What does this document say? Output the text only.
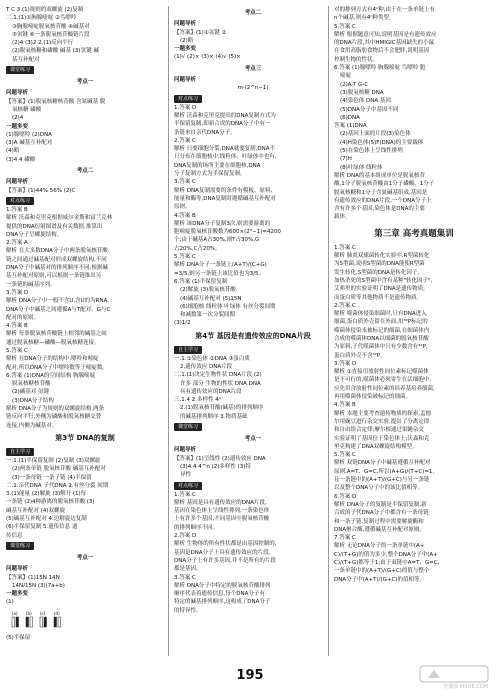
T C 3.(1)规则的双螺旋 (2)复制
二.1.(1)①胸腺嘧啶 ②鸟嘌呤
③胸腺嘧啶脱氧核苷酸 ④碱基对
⑤氢键 ⑥一条脱氧核苷酸链片段
(2)4 (3)2 2.(1)反向平行
(2)脱氧核糖和磷酸 碱基 (3)氢键 碱
基互补配对
课堂练习
考点一
问题导析
【答案】(1)脱氧核糖核苷酸 含氮碱基 脱
氧核糖 磷酸
(2)4
一题多变
(1)腺嘌呤 (2)DNA
(3)A 碱基互补配对
(4)略
(3)4 4 磷酸
考点二
问题导析
【答案】(1)44% 56% (2)C
对点练习
1.答案 B
解析 沃森和克里克根据威尔金斯和富兰克林
提供的DNA衍射图谱及有关数据,推算出
DNA分子呈螺旋结构。
2.答案 A
解析 在大多数DNA分子中两条脱氧核苷酸
链之间通过碱基配对形成双螺旋结构,不同
DNA分子中碱基对的排列顺序不同,根据碱
基互补配对原则,可以根据一条链推出另
一条链的碱基序列。
3.答案 D
解析 DNA分子中一般不含U,含U的为RNA,
DNA分子中碱基之间遵循A与T配对、G与C
配对的原则。
4.答案 B
解析 每条脱氧核苷酸链上相邻的碱基之间
通过脱氧核糖—磷酸—脱氧核糖连接。
5.答案 C
解析 在DNA分子的结构中,嘌呤和嘧啶
配对,所以DNA分子中嘌呤数等于嘧啶数。
6.答案 (1)DNA的空间结构 胸腺嘧啶
脱氧核糖核苷酸
(2)碱基对 氢键
(3)DNA分子结构
解析 DNA分子为规则的双螺旋结构,两条
链反向平行,外侧为磷酸和脱氧核糖交替
连接,内侧为碱基对。
第3节 DNA的复制
自主学习
一.1.(1)半保留复制 (2)复制 (3)双螺旋
(2)两条单链 脱氧核苷酸 碱基互补配对
(3)一条母链 一条子链 (4)半保留
二.1.亲代DNA 子代DNA 2.有丝分裂 间期
3.(1)能量 (2)解旋 (3)解开 (1)每
一条链 (2)4种游离的脱氧核苷酸 (3)
碱基互补配对 (4)双螺旋
(5)碱基互补配对 4.边解旋边复制
(6)半保留复制 5.遗传信息 遗
传信息
课堂练习
考点一
问题导析
【答案】(1)15N 14N
14N/15N (3)(7a+b)
一题多变
(1)
(a) (b) (c) (d)
(5)半保留
考点二
问题导析
【答案】(1)①氢键 ②
(2)略
一题多变
(1)√ (2)× (3)× (4)√ (5)×
考点三
问题导析
m·(2^n−1)
对点练习
1.答案 D
解析 沃森和克里克提出的DNA复制方式为
半保留复制,即新合成的DNA分子中有一
条链来自亲代DNA分子。
2.答案 C
解析 只要细胞分裂,DNA就要复制,DNA不
只分布在细胞核中,线粒体、叶绿体中也有,
DNA复制的场所主要在细胞核,DNA
分子复制方式为半保留复制。
3.答案 C
解析 DNA复制需要的条件有模板、原料、
能量和酶等,DNA复制时遵循碱基互补配对
原则。
4.答案 B
解析 该DNA分子复制3次,则需要游离的
胞嘧啶脱氧核苷酸数为600×(2³−1)=4200
个;由于碱基A占30%,则T占30%,G
占20%,C占20%。
5.答案 C
解析 DNA分子一条链上(A+T)/(C+G)
=3/5,则另一条链上该比值也为3/5。
6.答案 (1)半保留复制
(2)解旋 (3)脱氧核苷酸
(4)碱基互补配对 (5)15N
(6)细胞核 线粒体 叶绿体 有丝分裂间期
和减数第一次分裂间期
(3)1/2
第4节 基因是有遗传效应的DNA片段
自主学习
一.1.①染色体 ②DNA ③蛋白质
2.遗传效应 DNA片段
二.1.(1)决定生物性状 DNA片段 (2)
许多 部分 生物的性状 DNA DNA
具有遗传效应的DNA片段
三.1.4 2.多样性 4ⁿ
2.(1)脱氧核苷酸(碱基)的排列顺序
的碱基排列顺序 3.物质基础
课堂练习
考点一
问题导析
【答案】(1)呈线性 (2)遗传效应 DNA
(3)4 4 4^n (2)多样性 (3)特
异性
对点练习
1.答案 C
解析 基因是具有遗传效应的DNA片段,
基因在染色体上呈线性排列,一条染色体
上有许多个基因,不同基因中脱氧核苷酸
的排列顺序不同。
2.答案 D
解析 生物体的所有性状都是由基因控制的,
基因是DNA分子上具有遗传效应的片段,
DNA分子上有许多基因,并不是所有的片段
都是基因。
3.答案 C
解析 DNA分子中特定的脱氧核苷酸排列
顺序代表着遗传信息,每个DNA分子有
特定的碱基排列顺序,这构成了DNA分子
的特异性。
对的排列方式有4ⁿ种,由于在一条单链上有
n个碱基,则有4ⁿ种类型。
5.答案 C
解析 根据题意可知,说明基因是有遗传效应
的DNA片段,其中HMIGIC基因缺失的小鼠
在食用高脂肪食物后不会肥胖,说明基因
控制生物的性状。
6.答案 (1)腺嘌呤 胸腺嘧啶 鸟嘌呤 胞
嘧啶
(2)A-T G-C
(3)脱氧核糖 DNA
(4)染色体 DNA 基因
(5)DNA分子中基因不同
(6)DNA
答案 (1)DNA
(2)基因上面的片段(3)染色体
(4)H染色体(5)F(DNA)的主要载体
(5)在染色体上呈线性排列
(7)H
(8)叶绿体 线粒体
解析 DNA的基本组成单位是脱氧核苷
酸,1分子脱氧核苷酸由1分子磷酸、1分子
脱氧核糖和1分子含氮碱基组成,基因是
有遗传效应的DNA片段,一个DNA分子上
含有许多个基因,染色体是DNA的主要
载体。
第三章 高考真题集训
1.答案 C
解析 肺炎双球菌转化实验中,R型菌转化
为S型菌,说明S型菌的DNA能使R型菌
发生转化,S型菌的DNA是转化因子,
加热杀死的S型菌中含有某种"转化因子",
艾弗里的实验证明了DNA是遗传物质,
而蛋白质等其他物质不是遗传物质。
2.答案 C
解析 噬菌体侵染细菌时,只有DNA进入
细菌,蛋白质外壳留在外面,用³²P标记的
噬菌体侵染未被标记的细菌,在细菌体内
合成的噬菌体DNA以细菌的脱氧核苷酸
为原料,子代噬菌体中只有少数含有³²P,
蛋白质外壳不含³²P。
3.答案 D
解析 ①直接用放射性同位素标记噬菌体
是不可行的,噬菌体必须寄生在活细胞中,
应先用含放射性同位素的培养基培养细菌,
再用噬菌体侵染被标记的细菌。
4.答案 B
解析 本题主要考查遗传物质的探索,孟德
尔用豌豆进行杂交实验,提出了分离定律
和自由组合定律;摩尔根通过果蝇杂交
实验证明了基因位于染色体上;沃森和克
里克构建了DNA双螺旋结构模型。
5.答案 C
解析 双链DNA分子中碱基遵循互补配对
原则,A=T、G=C,所以(A+G)/(T+C)=1,
且一条链中的(A+T)/(G+C)与另一条链
以及整个DNA分子中的该比值相等。
6.答案 D
解析 DNA分子的复制是半保留复制,新
合成的子代DNA分子中都含有一条母链
和一条子链,复制过程中需要解旋酶和
DNA聚合酶,遵循碱基互补配对原则。
7.答案 C
解析 无论DNA分子的一条单链中(A+
C)/(T+G)的值为多少,整个DNA分子中(A+
C)/(T+G)都等于1;由于双链中A=T、G=C,
一条单链中的(A+T)/(G+C)的值与整个
DNA分子中(A+T)/(G+C)的值相等。
195
答案圈 MXQE.COM
